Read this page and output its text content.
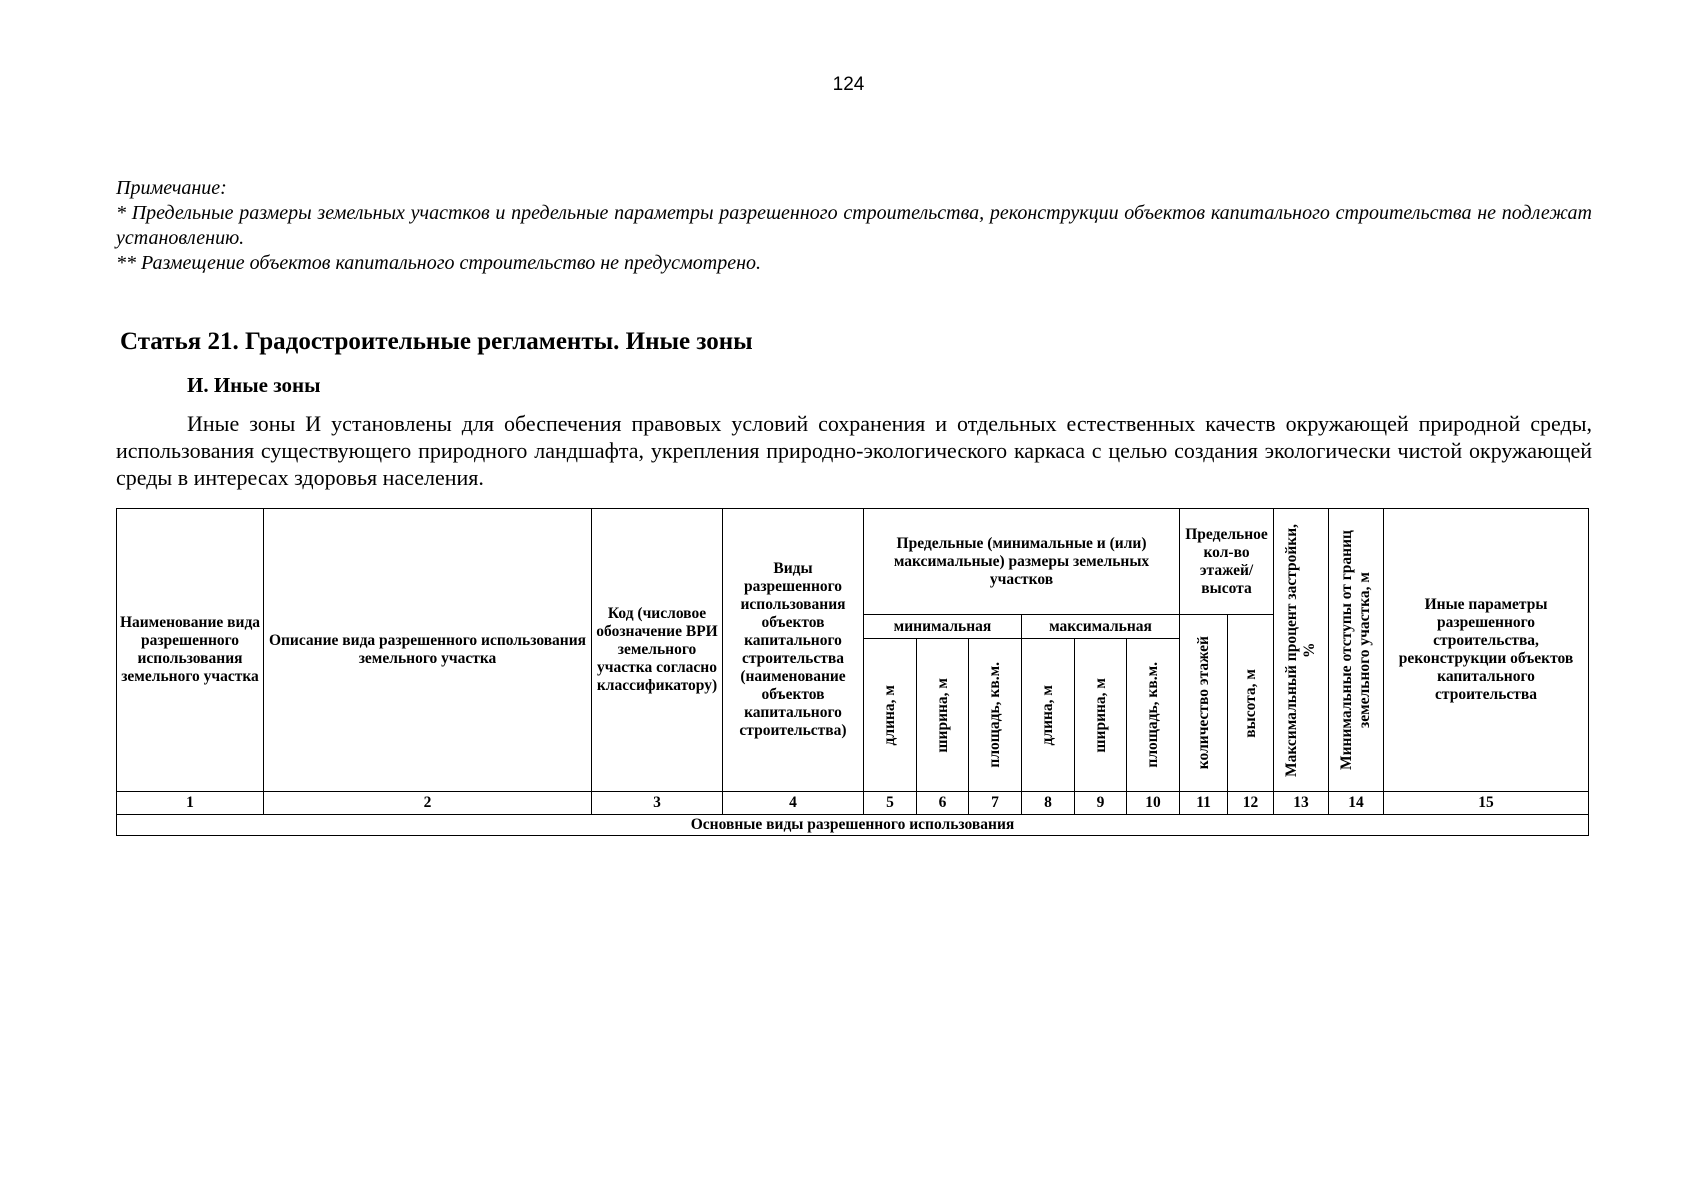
124

Примечание:

* Предельные размеры земельных участков и предельные параметры разрешенного строительства, реконструкции объектов капитального строительства не подлежат установлению.

** Размещение объектов капитального строительство не предусмотрено.

Статья 21. Градостроительные регламенты. Иные зоны
И. Иные зоны

Иные зоны И установлены для обеспечения правовых условий сохранения и отдельных естественных качеств окружающей природной среды, использования существующего природного ландшафта, укрепления природно-экологического каркаса с целью создания экологически чистой окружающей среды в интересах здоровья населения.

Наименование вида разрешенного использования земельного участка	Описание вида разрешенного использования земельного участка	Код (числовое обозначение ВРИ земельного участка согласно классификатору)	Виды разрешенного использования объектов капитального строительства (наименование объектов капитального строительства)	Предельные (минимальные и (или) максимальные) размеры земельных участков						Предельное кол-во этажей/ высота		Максимальный процент застройки, %	Минимальные отступы от границ земельного участка, м	Иные параметры разрешенного строительства, реконструкции объектов капитального строительства
				минимальная			максимальная			количество этажей	высота, м			

				длина, м	ширина, м	площадь, кв.м.	длина, м	ширина, м	площадь, кв.м.					

1	2	3	4	5	6	7	8	9	10	11	12	13	14	15
Основные виды разрешенного использования														
